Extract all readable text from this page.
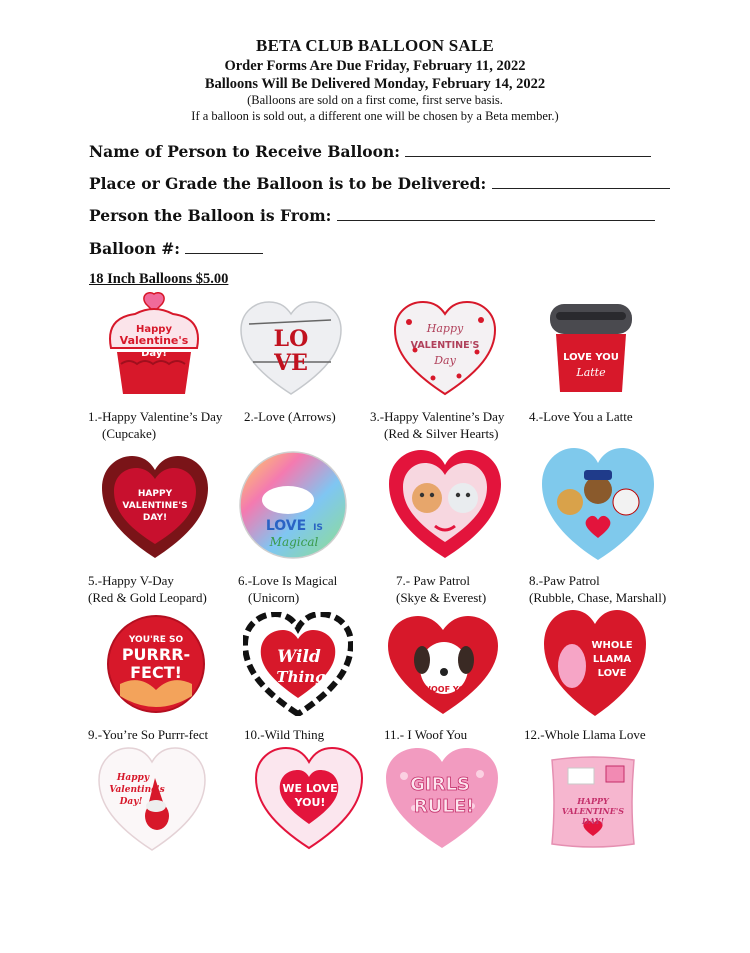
BETA CLUB BALLOON SALE
Order Forms Are Due Friday, February 11, 2022
Balloons Will Be Delivered Monday, February 14, 2022
(Balloons are sold on a first come, first serve basis.
If a balloon is sold out, a different one will be chosen by a Beta member.)
Name of Person to Receive Balloon:
Place or Grade the Balloon is to be Delivered:
Person the Balloon is From:
Balloon #:
18 Inch Balloons $5.00
Happy
Valentine's
Day!
1.-Happy Valentine’s Day
(Cupcake)
LO
VE
2.-Love (Arrows)
Happy
VALENTINE'S
Day
3.-Happy Valentine’s Day
(Red & Silver Hearts)
LOVE YOU
Latte
4.-Love You a Latte
HAPPY
VALENTINE'S
DAY!
5.-Happy V-Day
(Red & Gold Leopard)
LOVE IS
Magical
6.-Love Is Magical
(Unicorn)
7.- Paw Patrol
(Skye & Everest)
8.-Paw Patrol
(Rubble, Chase, Marshall)
YOU'RE SO
PURRR-
FECT!
9.-You’re So Purrr-fect
Wild
Thing
10.-Wild Thing
I WOOF YOU
11.- I Woof You
WHOLE
LLAMA
LOVE
12.-Whole Llama Love
Happy
Valentine's
Day!
WE LOVE
YOU!
GIRLS
RULE!	HAPPY
VALENTINE'S
DAY!
